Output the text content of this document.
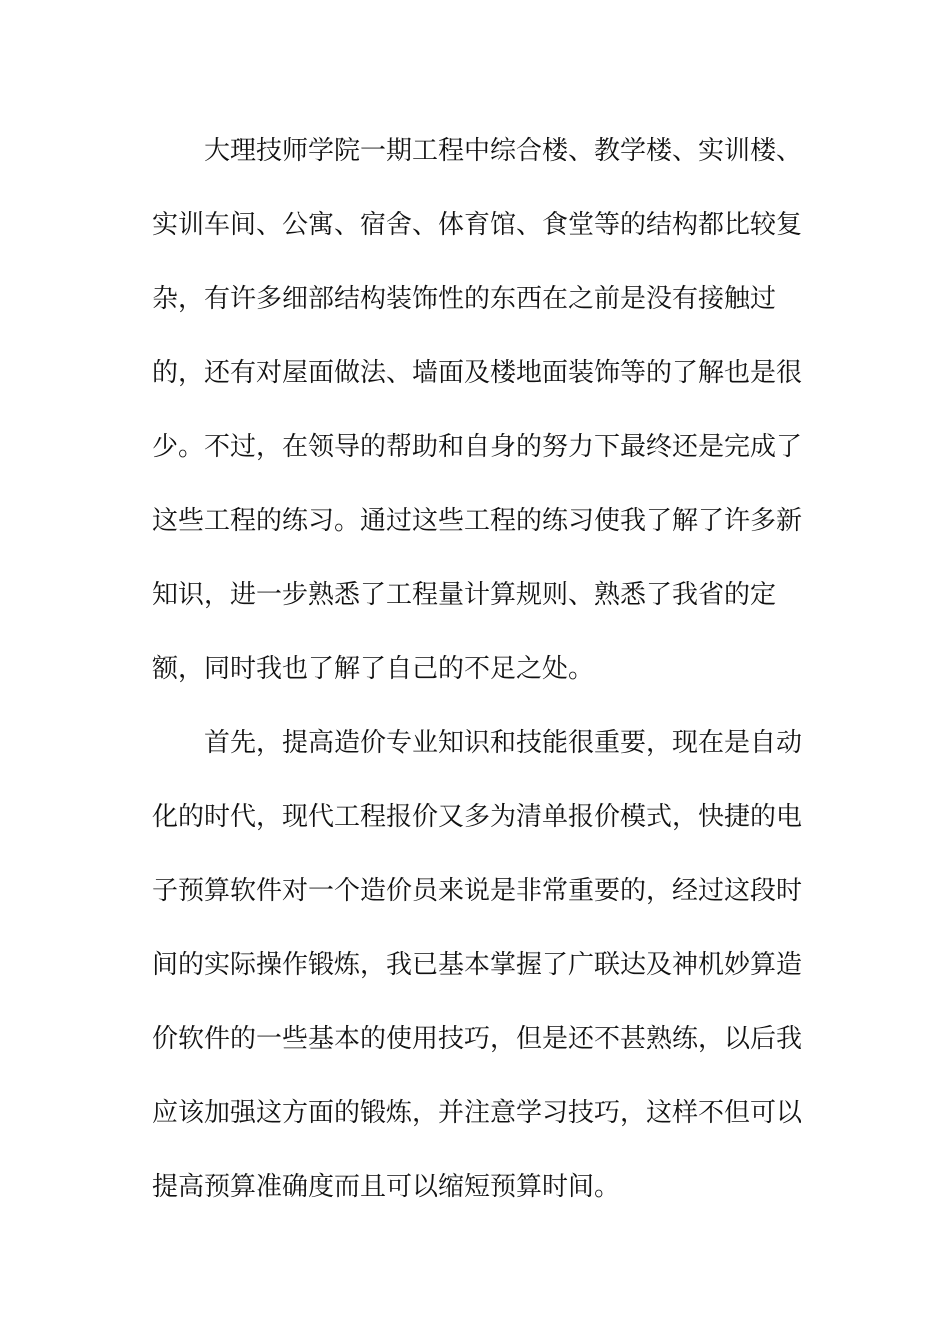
大理技师学院一期工程中综合楼、教学楼、实训楼、
实训车间、公寓、宿舍、体育馆、食堂等的结构都比较复
杂，有许多细部结构装饰性的东西在之前是没有接触过
的，还有对屋面做法、墙面及楼地面装饰等的了解也是很
少。不过，在领导的帮助和自身的努力下最终还是完成了
这些工程的练习。通过这些工程的练习使我了解了许多新
知识，进一步熟悉了工程量计算规则、熟悉了我省的定
额，同时我也了解了自己的不足之处。
首先，提高造价专业知识和技能很重要，现在是自动
化的时代，现代工程报价又多为清单报价模式，快捷的电
子预算软件对一个造价员来说是非常重要的，经过这段时
间的实际操作锻炼，我已基本掌握了广联达及神机妙算造
价软件的一些基本的使用技巧，但是还不甚熟练，以后我
应该加强这方面的锻炼，并注意学习技巧，这样不但可以
提高预算准确度而且可以缩短预算时间。
